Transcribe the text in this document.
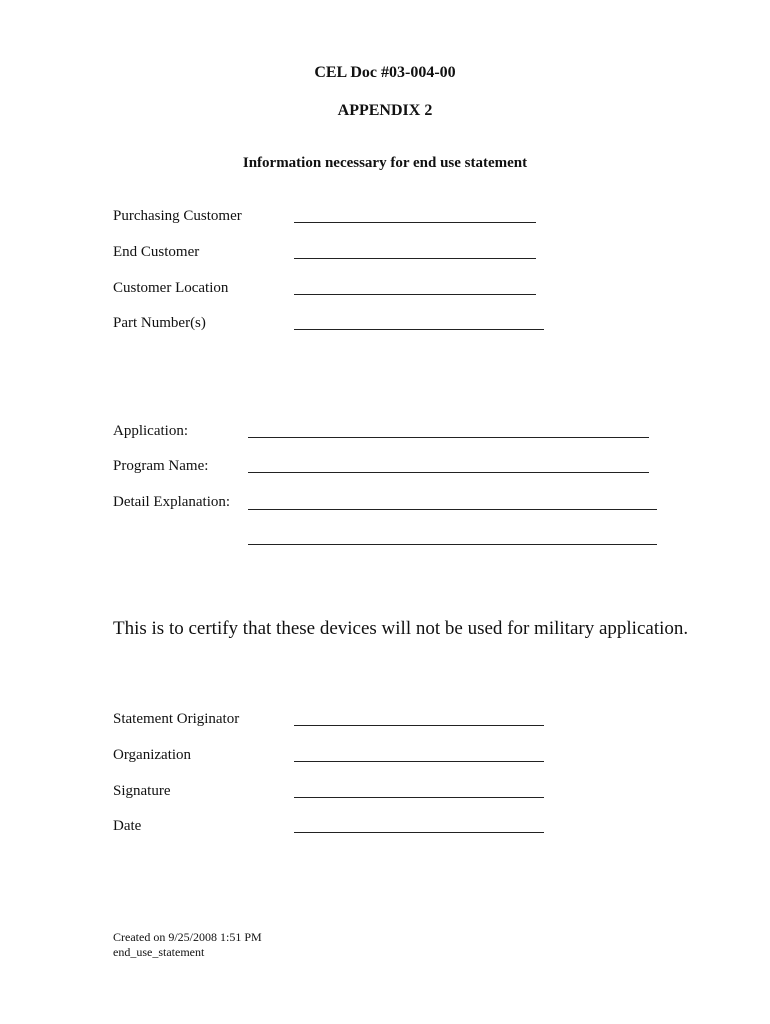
CEL Doc #03-004-00
APPENDIX 2
Information necessary for end use statement
Purchasing Customer
End Customer
Customer Location
Part Number(s)
Application:
Program Name:
Detail Explanation:
This is to certify that these devices will not be used for military application.
Statement Originator
Organization
Signature
Date
Created on 9/25/2008 1:51 PM
end_use_statement
